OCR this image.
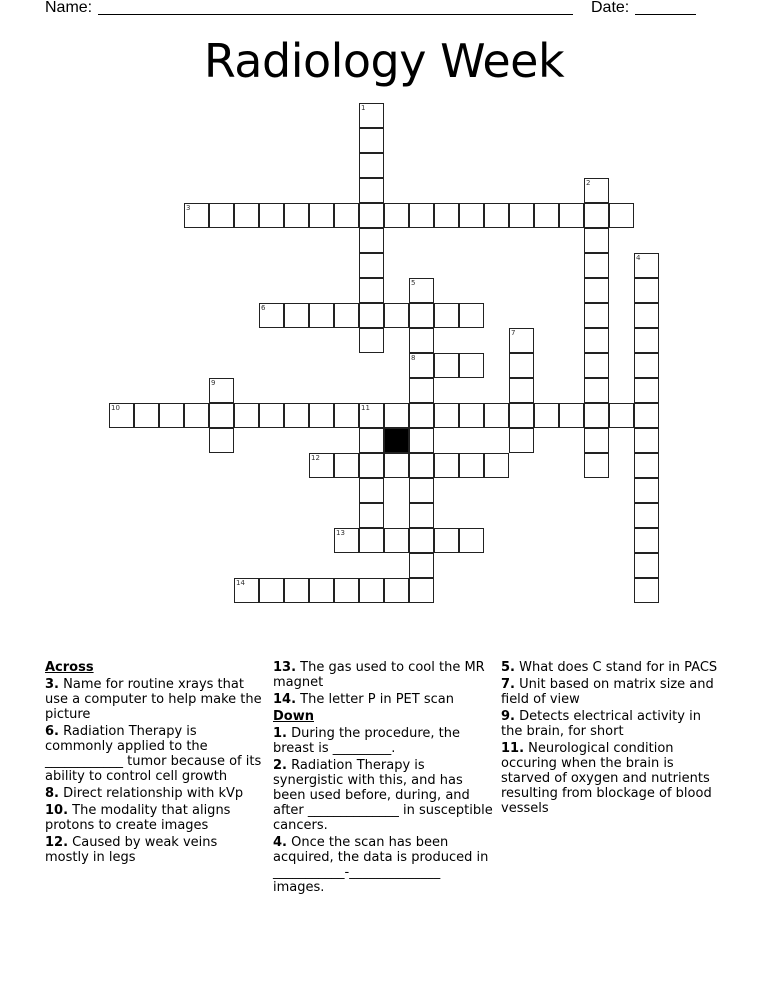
Name:	Date:
Radiology Week
1
2
3
4
5
8
6
7
9
10	11
12
13
14
Across
3. Name for routine xrays that use a computer to help make the picture
6. Radiation Therapy is commonly applied to the ____________ tumor because of its ability to control cell growth
8. Direct relationship with kVp
10. The modality that aligns protons to create images
12. Caused by weak veins mostly in legs
13. The gas used to cool the MR magnet
14. The letter P in PET scan
Down
1. During the procedure, the breast is _________.
2. Radiation Therapy is synergistic with this, and has been used before, during, and after ______________ in susceptible cancers.
4. Once the scan has been acquired, the data is produced in ___________-______________ images.
5. What does C stand for in PACS
7. Unit based on matrix size and field of view
9. Detects electrical activity in the brain, for short
11. Neurological condition occuring when the brain is starved of oxygen and nutrients resulting from blockage of blood vessels
